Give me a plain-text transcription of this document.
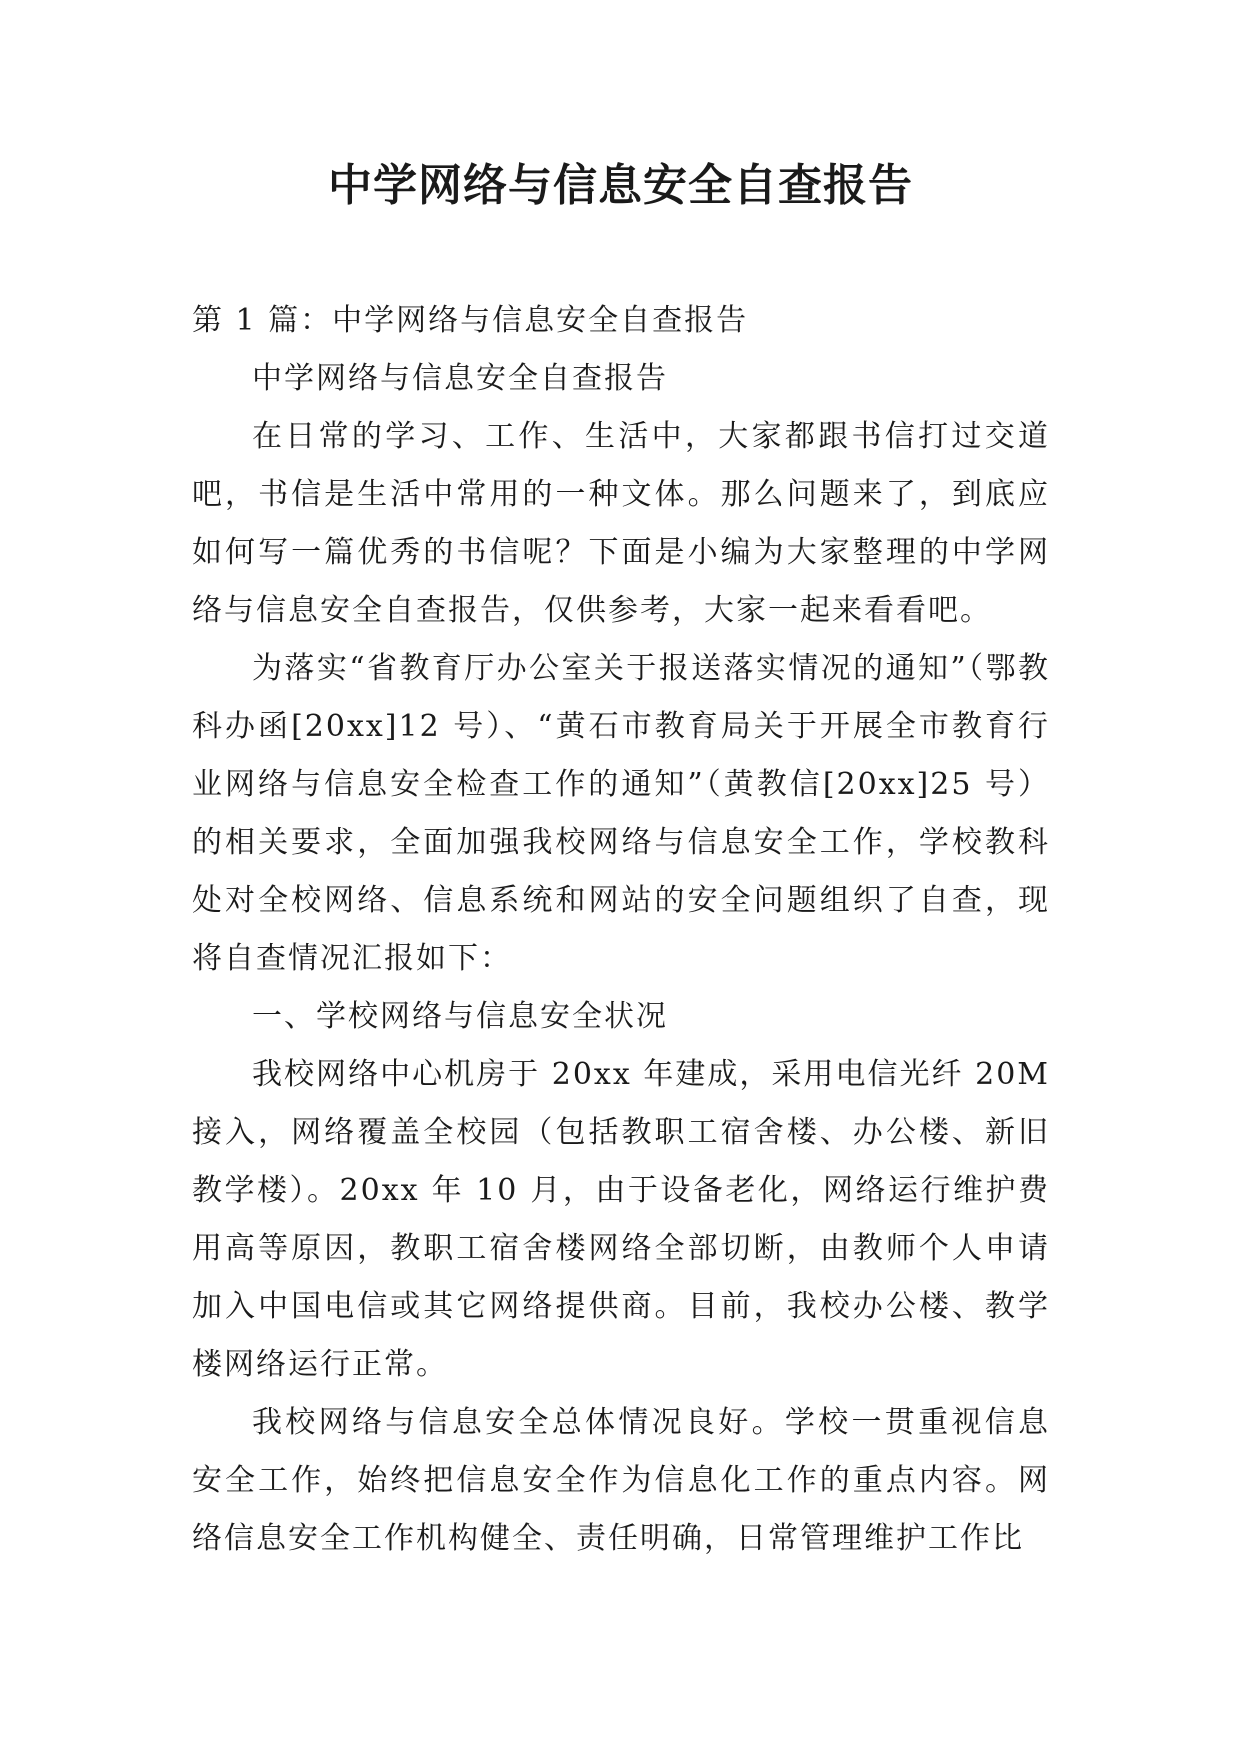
中学网络与信息安全自查报告

第 1 篇：中学网络与信息安全自查报告

中学网络与信息安全自查报告

在日常的学习、工作、生活中，大家都跟书信打过交道吧，书信是生活中常用的一种文体。那么问题来了，到底应如何写一篇优秀的书信呢？下面是小编为大家整理的中学网络与信息安全自查报告，仅供参考，大家一起来看看吧。

为落实“省教育厅办公室关于报送落实情况的通知”（鄂教科办函[20xx]12 号）、“黄石市教育局关于开展全市教育行业网络与信息安全检查工作的通知”（黄教信[20xx]25 号）的相关要求，全面加强我校网络与信息安全工作，学校教科处对全校网络、信息系统和网站的安全问题组织了自查，现将自查情况汇报如下：

一、学校网络与信息安全状况

我校网络中心机房于 20xx 年建成，采用电信光纤 20M 接入，网络覆盖全校园（包括教职工宿舍楼、办公楼、新旧教学楼）。20xx 年 10 月，由于设备老化，网络运行维护费用高等原因，教职工宿舍楼网络全部切断，由教师个人申请加入中国电信或其它网络提供商。目前，我校办公楼、教学楼网络运行正常。

我校网络与信息安全总体情况良好。学校一贯重视信息安全工作，始终把信息安全作为信息化工作的重点内容。网络信息安全工作机构健全、责任明确，日常管理维护工作比
